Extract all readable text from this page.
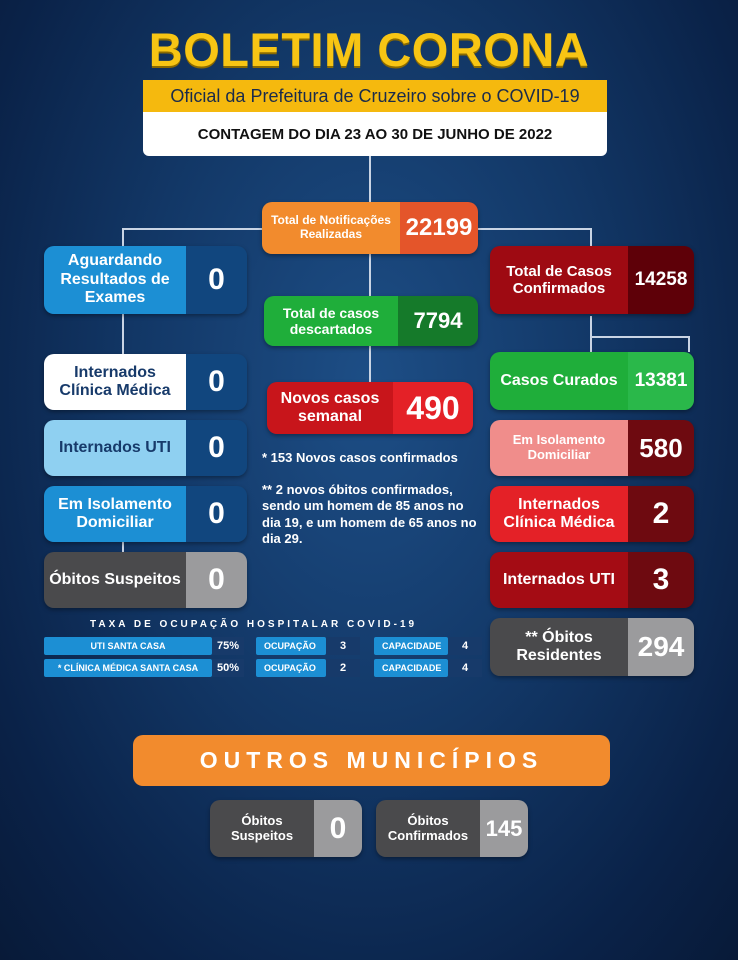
BOLETIM CORONA
Oficial da Prefeitura de Cruzeiro sobre o COVID-19
CONTAGEM DO DIA 23 AO 30 DE JUNHO DE 2022
Total de Notificações Realizadas	22199
Total de casos descartados	7794
Novos casos semanal	490
* 153 Novos casos confirmados
** 2 novos óbitos confirmados, sendo um homem de 85 anos no dia 19, e um homem de 65 anos no dia 29.
Aguardando Resultados de Exames
0
Internados Clínica Médica	0
Internados UTI	0
Em Isolamento Domiciliar	0
Óbitos Suspeitos 0
Total de Casos Confirmados	14258
Casos Curados 13381
Em Isolamento Domiciliar	580
Internados Clínica Médica	2
Internados UTI	3
** Óbitos Residentes	294
TAXA DE OCUPAÇÃO HOSPITALAR COVID-19
UTI SANTA CASA	75%	OCUPAÇÃO	3	CAPACIDADE	4
* CLÍNICA MÉDICA SANTA CASA	50%	OCUPAÇÃO	2	CAPACIDADE	4
OUTROS MUNICÍPIOS
Óbitos Suspeitos	0	Óbitos Confirmados 145
